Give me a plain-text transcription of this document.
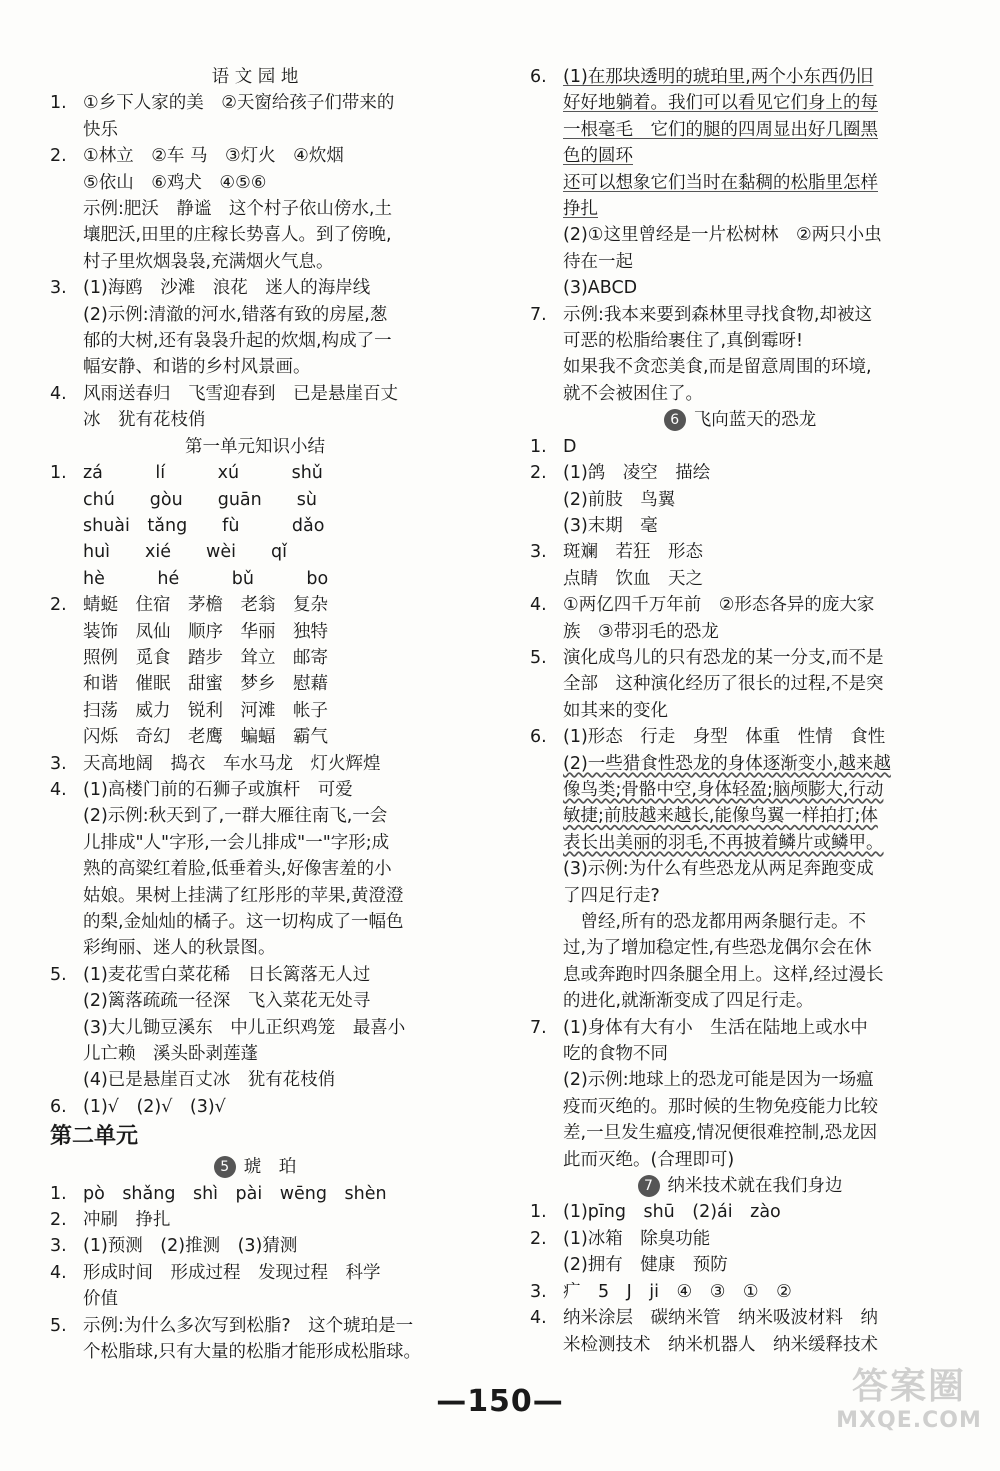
语 文 园 地
1. ①乡下人家的美　②天窗给孩子们带来的
快乐
2. ①林立　②车 马　③灯火　④炊烟
⑤依山　⑥鸡犬　④⑤⑥
示例:肥沃　静谧　这个村子依山傍水,土
壤肥沃,田里的庄稼长势喜人。到了傍晚,
村子里炊烟袅袅,充满烟火气息。
3. (1)海鸥　沙滩　浪花　迷人的海岸线
(2)示例:清澈的河水,错落有致的房屋,葱
郁的大树,还有袅袅升起的炊烟,构成了一
幅安静、和谐的乡村风景画。
4. 风雨送春归　飞雪迎春到　已是悬崖百丈
冰　犹有花枝俏
第一单元知识小结
1. zá　　　lí　　　xú　　　shǔ
chú　　gòu　　guān　　sù
shuài　tǎng　　fù　　　dǎo
huì　　xié　　wèi　　qǐ
hè　　　hé　　　bǔ　　　bo
2. 蜻蜓　住宿　茅檐　老翁　复杂
装饰　凤仙　顺序　华丽　独特
照例　觅食　踏步　耸立　邮寄
和谐　催眠　甜蜜　梦乡　慰藉
扫荡　威力　锐利　河滩　帐子
闪烁　奇幻　老鹰　蝙蝠　霸气
3. 天高地阔　捣衣　车水马龙　灯火辉煌
4. (1)高楼门前的石狮子或旗杆　可爱
(2)示例:秋天到了,一群大雁往南飞,一会
儿排成"人"字形,一会儿排成"一"字形;成
熟的高粱红着脸,低垂着头,好像害羞的小
姑娘。果树上挂满了红彤彤的苹果,黄澄澄
的梨,金灿灿的橘子。这一切构成了一幅色
彩绚丽、迷人的秋景图。
5. (1)麦花雪白菜花稀　日长篱落无人过
(2)篱落疏疏一径深　飞入菜花无处寻
(3)大儿锄豆溪东　中儿正织鸡笼　最喜小
儿亡赖　溪头卧剥莲蓬
(4)已是悬崖百丈冰　犹有花枝俏
6. (1)√　(2)√　(3)√
第二单元
5 琥　珀
1. pò　shǎng　shì　pài　wēng　shèn
2. 冲刷　挣扎
3. (1)预测　(2)推测　(3)猜测
4. 形成时间　形成过程　发现过程　科学
价值
5. 示例:为什么多次写到松脂?　这个琥珀是一
个松脂球,只有大量的松脂才能形成松脂球。
6. (1)在那块透明的琥珀里,两个小东西仍旧
好好地躺着。我们可以看见它们身上的每
一根毫毛　它们的腿的四周显出好几圈黑
色的圆环
还可以想象它们当时在黏稠的松脂里怎样
挣扎
(2)①这里曾经是一片松树林　②两只小虫
待在一起
(3)ABCD
7. 示例:我本来要到森林里寻找食物,却被这
可恶的松脂给裹住了,真倒霉呀!
如果我不贪恋美食,而是留意周围的环境,
就不会被困住了。
6 飞向蓝天的恐龙
1. D
2. (1)鸽　凌空　描绘
(2)前肢　鸟翼
(3)末期　毫
3. 斑斓　若狂　形态
点睛　饮血　天之
4. ①两亿四千万年前　②形态各异的庞大家
族　③带羽毛的恐龙
5. 演化成鸟儿的只有恐龙的某一分支,而不是
全部　这种演化经历了很长的过程,不是突
如其来的变化
6. (1)形态　行走　身型　体重　性情　食性
(2)一些猎食性恐龙的身体逐渐变小,越来越
像鸟类;骨骼中空,身体轻盈;脑颅膨大,行动
敏捷;前肢越来越长,能像鸟翼一样拍打;体
表长出美丽的羽毛,不再披着鳞片或鳞甲。
(3)示例:为什么有些恐龙从两足奔跑变成
了四足行走?
　曾经,所有的恐龙都用两条腿行走。不
过,为了增加稳定性,有些恐龙偶尔会在休
息或奔跑时四条腿全用上。这样,经过漫长
的进化,就渐渐变成了四足行走。
7. (1)身体有大有小　生活在陆地上或水中
吃的食物不同
(2)示例:地球上的恐龙可能是因为一场瘟
疫而灭绝的。那时候的生物免疫能力比较
差,一旦发生瘟疫,情况便很难控制,恐龙因
此而灭绝。(合理即可)
7 纳米技术就在我们身边
1. (1)pīng　shū　(2)ái　zào
2. (1)冰箱　除臭功能
(2)拥有　健康　预防
3. 疒　5　J　ji　④　③　①　②
4. 纳米涂层　碳纳米管　纳米吸波材料　纳
米检测技术　纳米机器人　纳米缓释技术
—150—	答案圈
MXQE.COM
